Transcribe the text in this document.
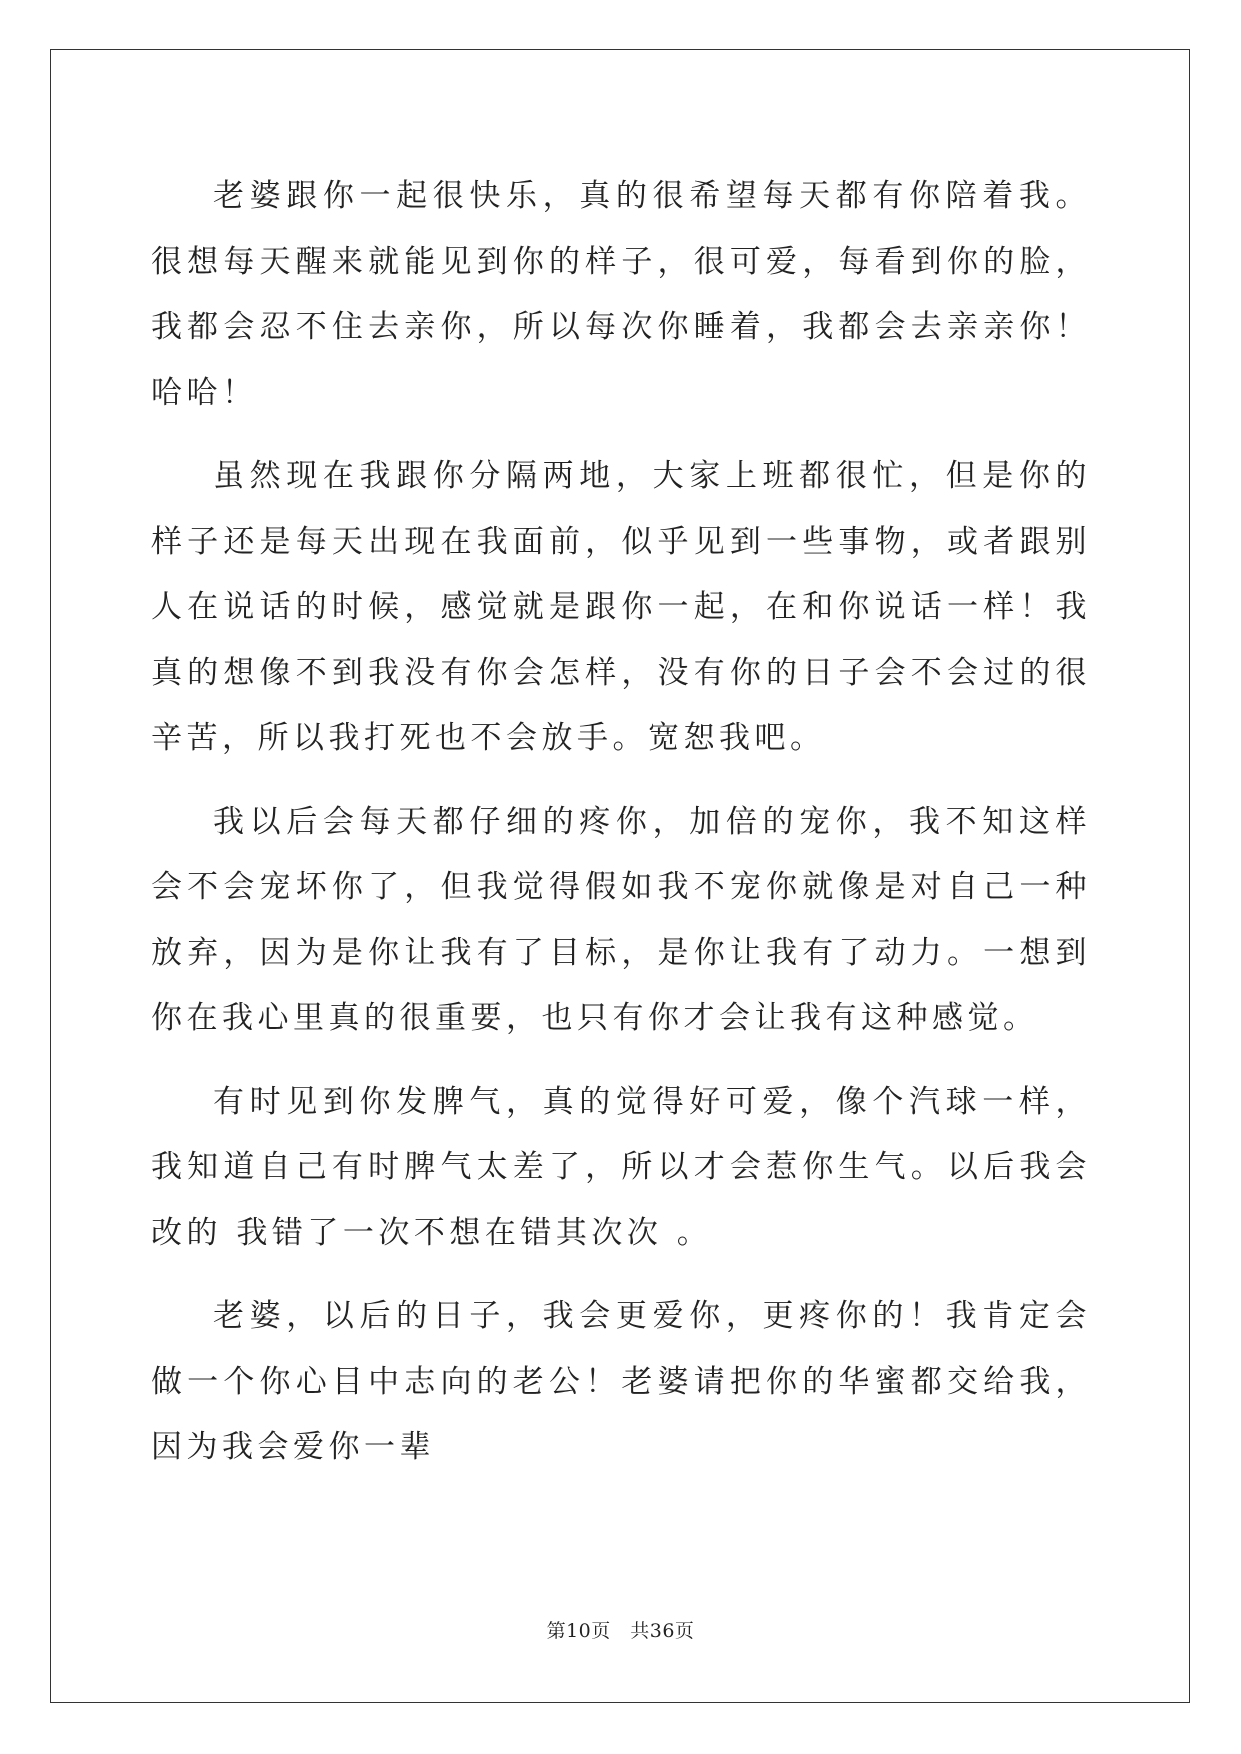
老婆跟你一起很快乐，真的很希望每天都有你陪着我。很想每天醒来就能见到你的样子，很可爱，每看到你的脸，我都会忍不住去亲你，所以每次你睡着，我都会去亲亲你！哈哈！

虽然现在我跟你分隔两地，大家上班都很忙，但是你的样子还是每天出现在我面前，似乎见到一些事物，或者跟别人在说话的时候，感觉就是跟你一起，在和你说话一样！我真的想像不到我没有你会怎样，没有你的日子会不会过的很辛苦，所以我打死也不会放手。宽恕我吧。

我以后会每天都仔细的疼你，加倍的宠你，我不知这样会不会宠坏你了，但我觉得假如我不宠你就像是对自己一种放弃，因为是你让我有了目标，是你让我有了动力。一想到你在我心里真的很重要，也只有你才会让我有这种感觉。

有时见到你发脾气，真的觉得好可爱，像个汽球一样，我知道自己有时脾气太差了，所以才会惹你生气。以后我会改的 我错了一次不想在错其次次 。

老婆，以后的日子，我会更爱你，更疼你的！我肯定会做一个你心目中志向的老公！老婆请把你的华蜜都交给我，因为我会爱你一辈

第10页　共36页
